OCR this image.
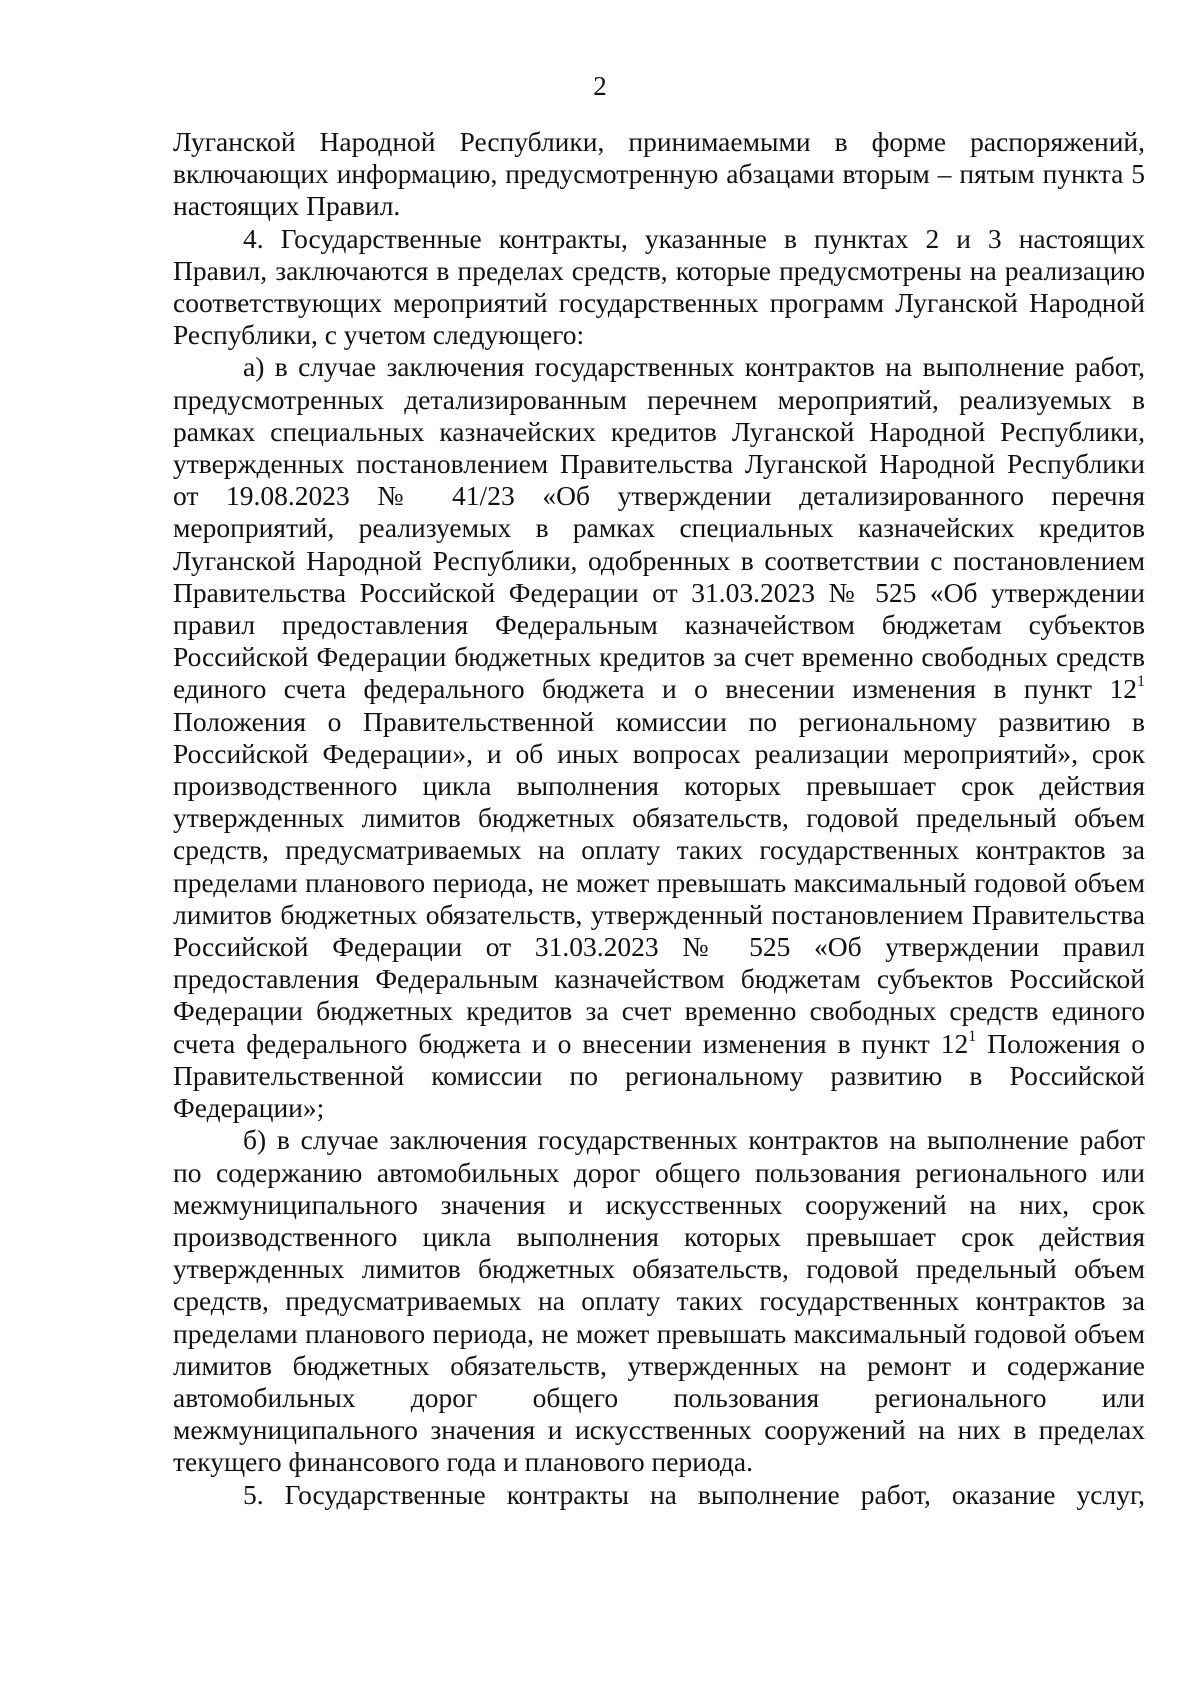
2

Луганской Народной Республики, принимаемыми в форме распоряжений, включающих информацию, предусмотренную абзацами вторым – пятым пункта 5 настоящих Правил.

4. Государственные контракты, указанные в пунктах 2 и 3 настоящих Правил, заключаются в пределах средств, которые предусмотрены на реализацию соответствующих мероприятий государственных программ Луганской Народной Республики, с учетом следующего:

а) в случае заключения государственных контрактов на выполнение работ, предусмотренных детализированным перечнем мероприятий, реализуемых в рамках специальных казначейских кредитов Луганской Народной Республики, утвержденных постановлением Правительства Луганской Народной Республики от 19.08.2023 № 41/23 «Об утверждении детализированного перечня мероприятий, реализуемых в рамках специальных казначейских кредитов Луганской Народной Республики, одобренных в соответствии с постановлением Правительства Российской Федерации от 31.03.2023 № 525 «Об утверждении правил предоставления Федеральным казначейством бюджетам субъектов Российской Федерации бюджетных кредитов за счет временно свободных средств единого счета федерального бюджета и о внесении изменения в пункт $12^1$ Положения о Правительственной комиссии по региональному развитию в Российской Федерации», и об иных вопросах реализации мероприятий», срок производственного цикла выполнения которых превышает срок действия утвержденных лимитов бюджетных обязательств, годовой предельный объем средств, предусматриваемых на оплату таких государственных контрактов за пределами планового периода, не может превышать максимальный годовой объем лимитов бюджетных обязательств, утвержденный постановлением Правительства Российской Федерации от 31.03.2023 № 525 «Об утверждении правил предоставления Федеральным казначейством бюджетам субъектов Российской Федерации бюджетных кредитов за счет временно свободных средств единого счета федерального бюджета и о внесении изменения в пункт $12^1$ Положения о Правительственной комиссии по региональному развитию в Российской Федерации»;

б) в случае заключения государственных контрактов на выполнение работ по содержанию автомобильных дорог общего пользования регионального или межмуниципального значения и искусственных сооружений на них, срок производственного цикла выполнения которых превышает срок действия утвержденных лимитов бюджетных обязательств, годовой предельный объем средств, предусматриваемых на оплату таких государственных контрактов за пределами планового периода, не может превышать максимальный годовой объем лимитов бюджетных обязательств, утвержденных на ремонт и содержание автомобильных дорог общего пользования регионального или межмуниципального значения и искусственных сооружений на них в пределах текущего финансового года и планового периода.

5. Государственные контракты на выполнение работ, оказание услуг,
